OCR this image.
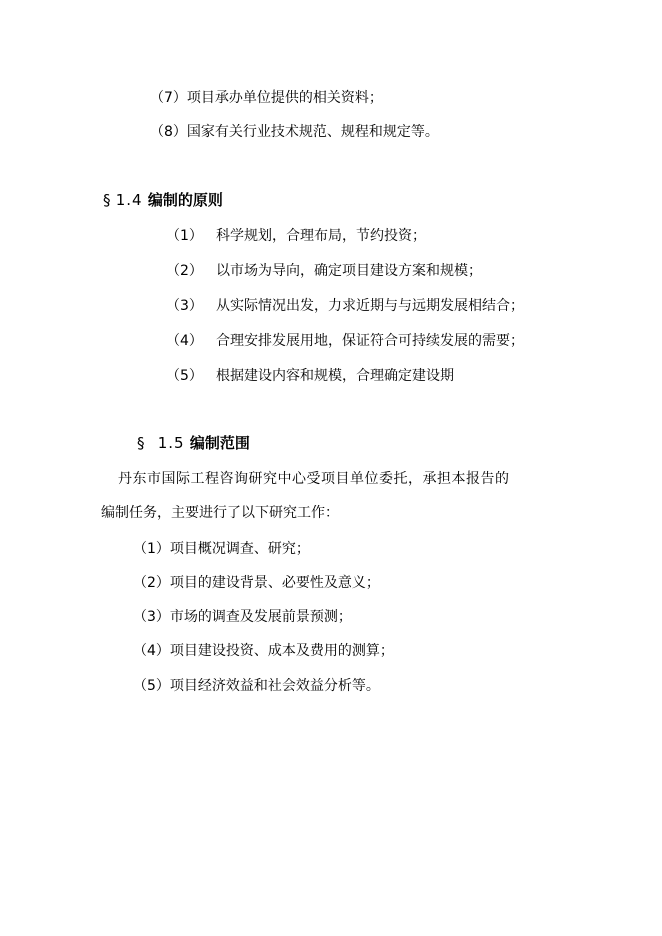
（7）项目承办单位提供的相关资料；
（8）国家有关行业技术规范、规程和规定等。
§ 1.4 编制的原则
（1） 科学规划，合理布局，节约投资；
（2） 以市场为导向，确定项目建设方案和规模；
（3） 从实际情况出发，力求近期与与远期发展相结合；
（4） 合理安排发展用地，保证符合可持续发展的需要；
（5） 根据建设内容和规模，合理确定建设期
§ 1.5 编制范围
丹东市国际工程咨询研究中心受项目单位委托，承担本报告的
编制任务，主要进行了以下研究工作：
（1）项目概况调查、研究；
（2）项目的建设背景、必要性及意义；
（3）市场的调查及发展前景预测；
（4）项目建设投资、成本及费用的测算；
（5）项目经济效益和社会效益分析等。
